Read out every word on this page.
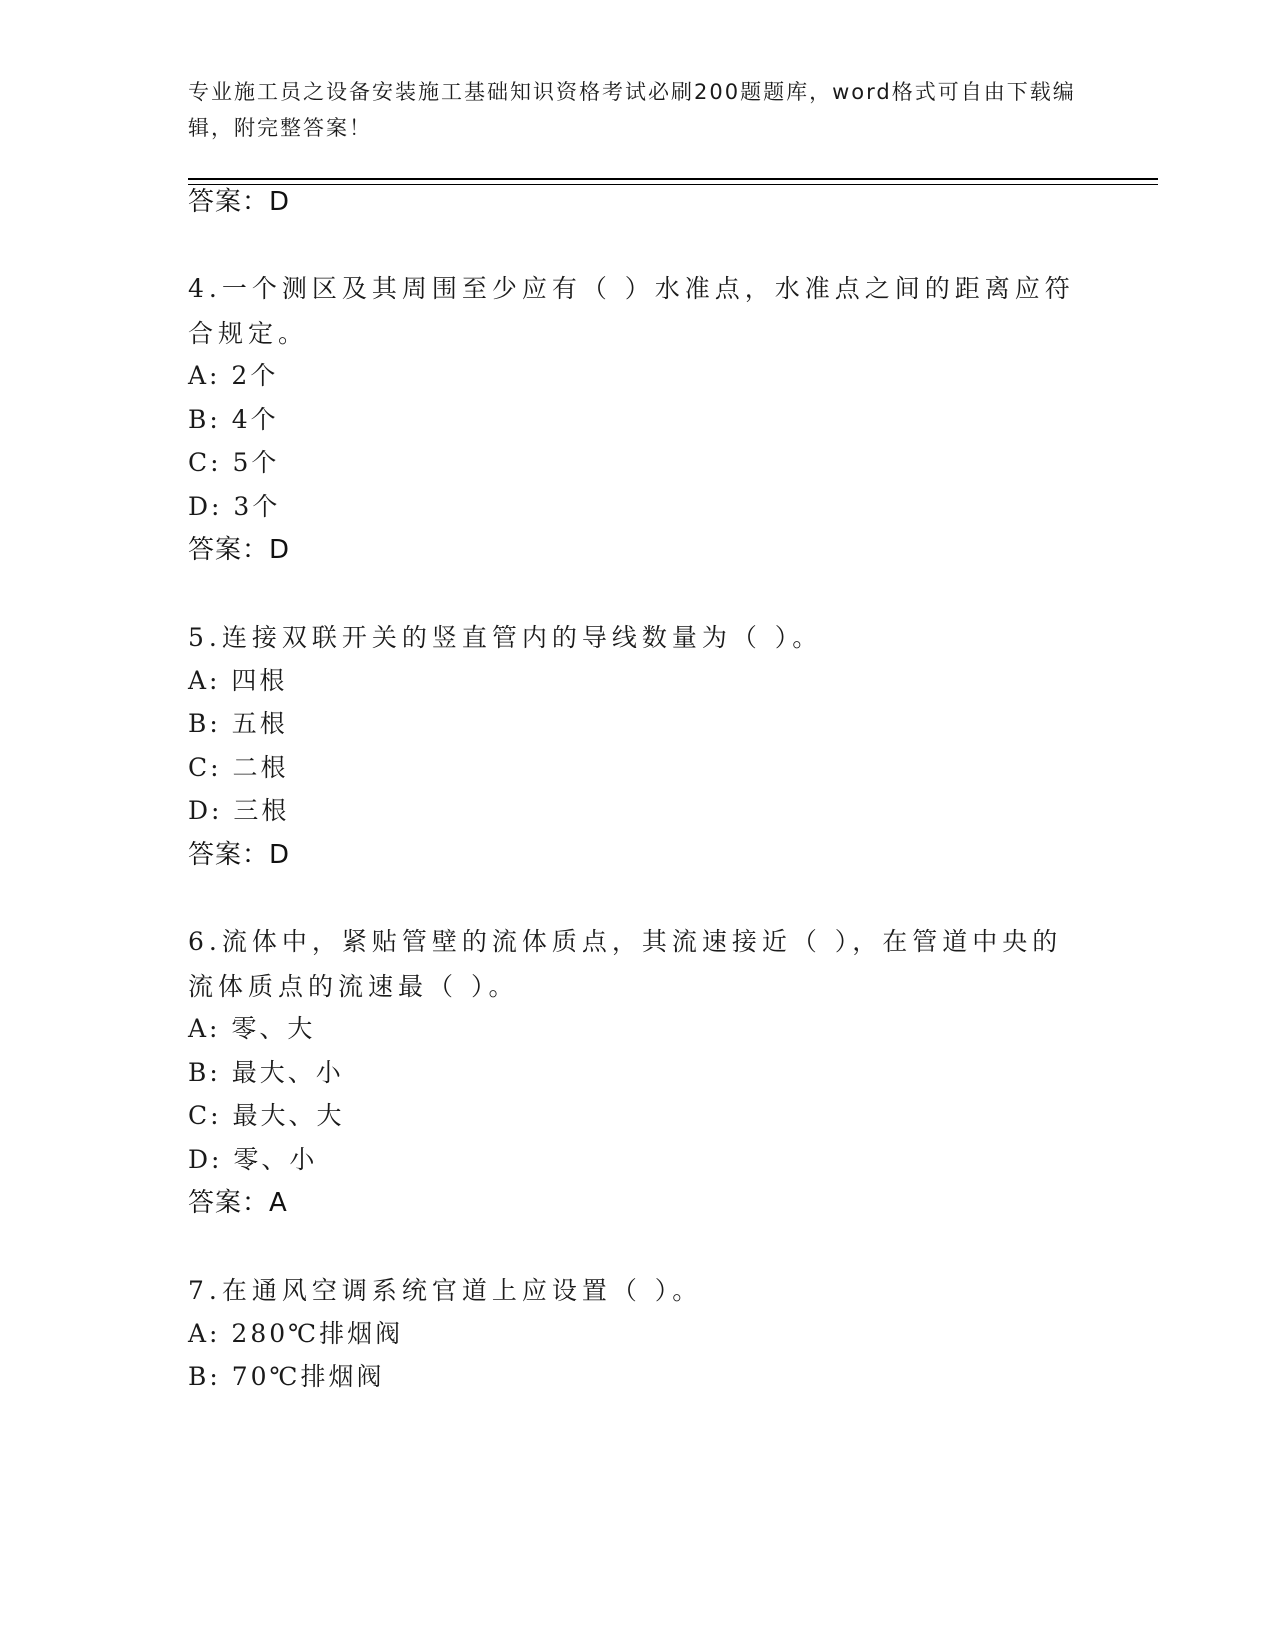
专业施工员之设备安装施工基础知识资格考试必刷200题题库，word格式可自由下载编辑，附完整答案！
答案：D
4.一个测区及其周围至少应有（ ）水准点，水准点之间的距离应符合规定。
A: 2个
B: 4个
C: 5个
D: 3个
答案：D
5.连接双联开关的竖直管内的导线数量为（ ）。
A: 四根
B: 五根
C: 二根
D: 三根
答案：D
6.流体中，紧贴管壁的流体质点，其流速接近（ ），在管道中央的流体质点的流速最（ ）。
A: 零、大
B: 最大、小
C: 最大、大
D: 零、小
答案：A
7.在通风空调系统官道上应设置（ ）。
A: 280℃排烟阀
B: 70℃排烟阀
